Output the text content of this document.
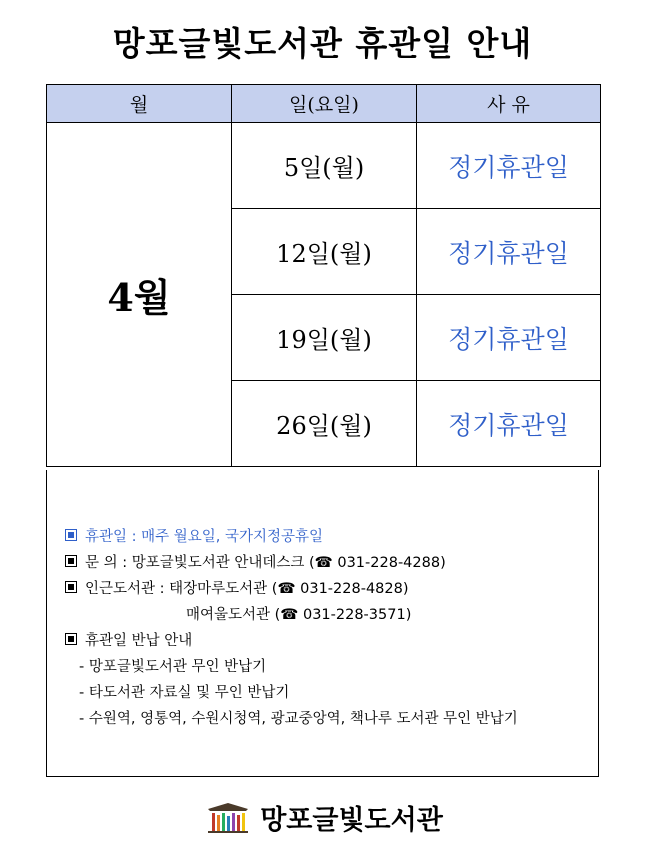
망포글빛도서관 휴관일 안내
월	일(요일)	사 유
4월	5일(월)	정기휴관일
	12일(월)	정기휴관일
	19일(월)	정기휴관일
	26일(월)	정기휴관일
휴관일 : 매주 월요일, 국가지정공휴일
문 의 : 망포글빛도서관 안내데스크 (☎ 031-228-4288)
인근도서관 : 태장마루도서관 (☎ 031-228-4828)
매여울도서관 (☎ 031-228-3571)
휴관일 반납 안내
- 망포글빛도서관 무인 반납기
- 타도서관 자료실 및 무인 반납기
- 수원역, 영통역, 수원시청역, 광교중앙역, 책나루 도서관 무인 반납기
망포글빛도서관
